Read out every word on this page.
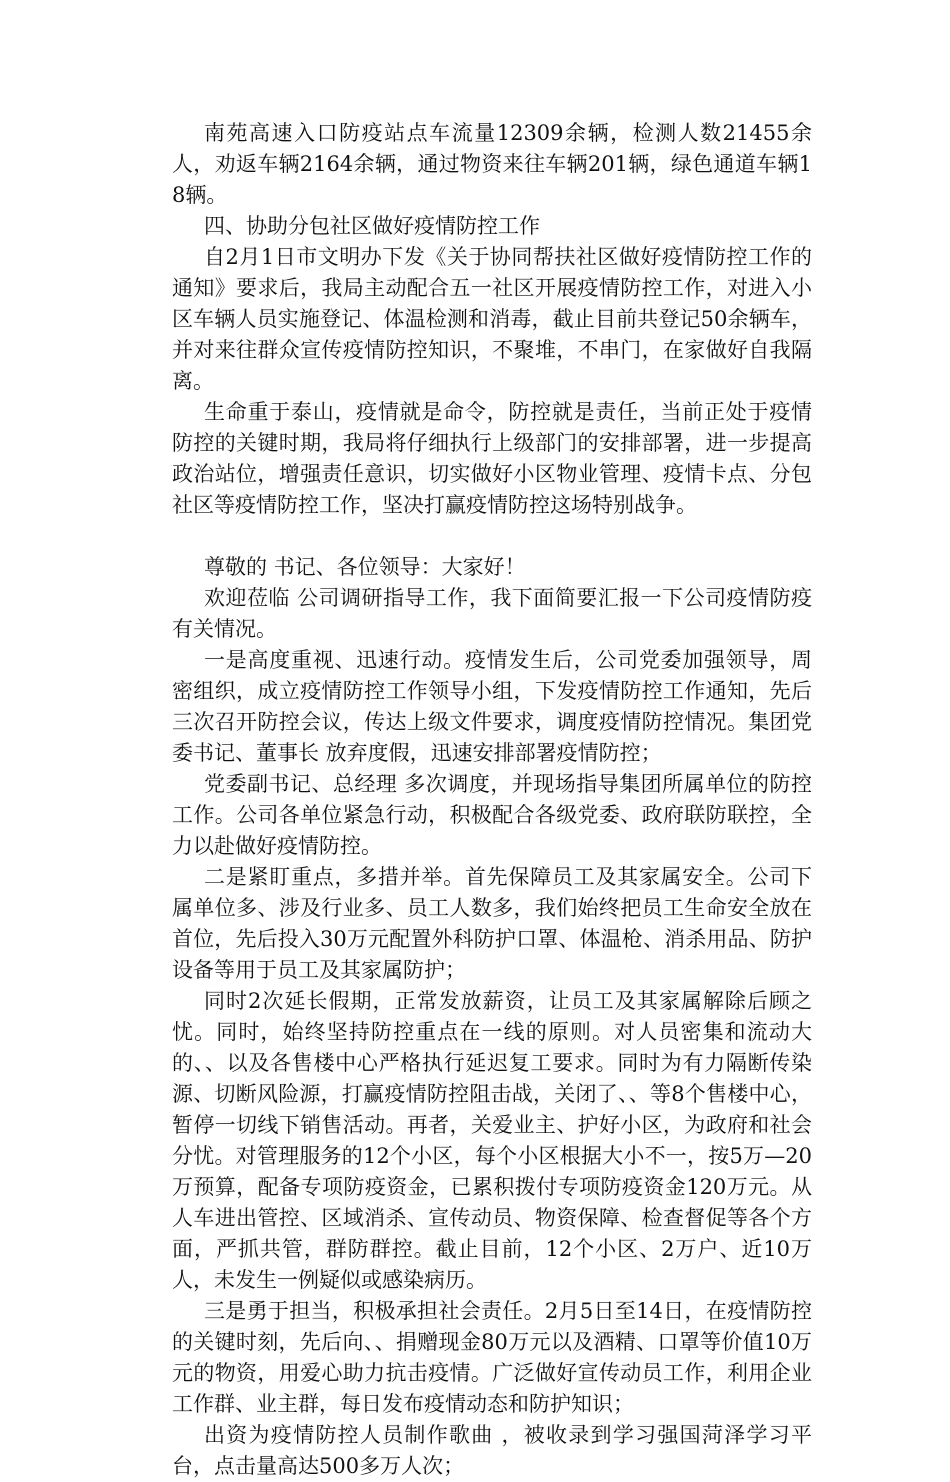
南苑高速入口防疫站点车流量12309余辆，检测人数21455余人，劝返车辆2164余辆，通过物资来往车辆201辆，绿色通道车辆18辆。

四、协助分包社区做好疫情防控工作

自2月1日市文明办下发《关于协同帮扶社区做好疫情防控工作的通知》要求后，我局主动配合五一社区开展疫情防控工作，对进入小区车辆人员实施登记、体温检测和消毒，截止目前共登记50余辆车，并对来往群众宣传疫情防控知识，不聚堆，不串门，在家做好自我隔离。

生命重于泰山，疫情就是命令，防控就是责任，当前正处于疫情防控的关键时期，我局将仔细执行上级部门的安排部署，进一步提高政治站位，增强责任意识，切实做好小区物业管理、疫情卡点、分包社区等疫情防控工作，坚决打赢疫情防控这场特别战争。

尊敬的 书记、各位领导：大家好！

欢迎莅临 公司调研指导工作，我下面简要汇报一下公司疫情防疫有关情况。

一是高度重视、迅速行动。疫情发生后，公司党委加强领导，周密组织，成立疫情防控工作领导小组，下发疫情防控工作通知，先后三次召开防控会议，传达上级文件要求，调度疫情防控情况。集团党委书记、董事长 放弃度假，迅速安排部署疫情防控；

党委副书记、总经理 多次调度，并现场指导集团所属单位的防控工作。公司各单位紧急行动，积极配合各级党委、政府联防联控，全力以赴做好疫情防控。

二是紧盯重点，多措并举。首先保障员工及其家属安全。公司下属单位多、涉及行业多、员工人数多，我们始终把员工生命安全放在首位，先后投入30万元配置外科防护口罩、体温枪、消杀用品、防护设备等用于员工及其家属防护；

同时2次延长假期，正常发放薪资，让员工及其家属解除后顾之忧。同时，始终坚持防控重点在一线的原则。对人员密集和流动大的、、以及各售楼中心严格执行延迟复工要求。同时为有力隔断传染源、切断风险源，打赢疫情防控阻击战，关闭了、、等8个售楼中心，暂停一切线下销售活动。再者，关爱业主、护好小区，为政府和社会分忧。对管理服务的12个小区，每个小区根据大小不一，按5万—20万预算，配备专项防疫资金，已累积拨付专项防疫资金120万元。从人车进出管控、区域消杀、宣传动员、物资保障、检查督促等各个方面，严抓共管，群防群控。截止目前，12个小区、2万户、近10万人，未发生一例疑似或感染病历。

三是勇于担当，积极承担社会责任。2月5日至14日，在疫情防控的关键时刻，先后向、、捐赠现金80万元以及酒精、口罩等价值10万元的物资，用爱心助力抗击疫情。广泛做好宣传动员工作，利用企业工作群、业主群，每日发布疫情动态和防护知识；

出资为疫情防控人员制作歌曲 ，被收录到学习强国菏泽学习平台，点击量高达500多万人次；
